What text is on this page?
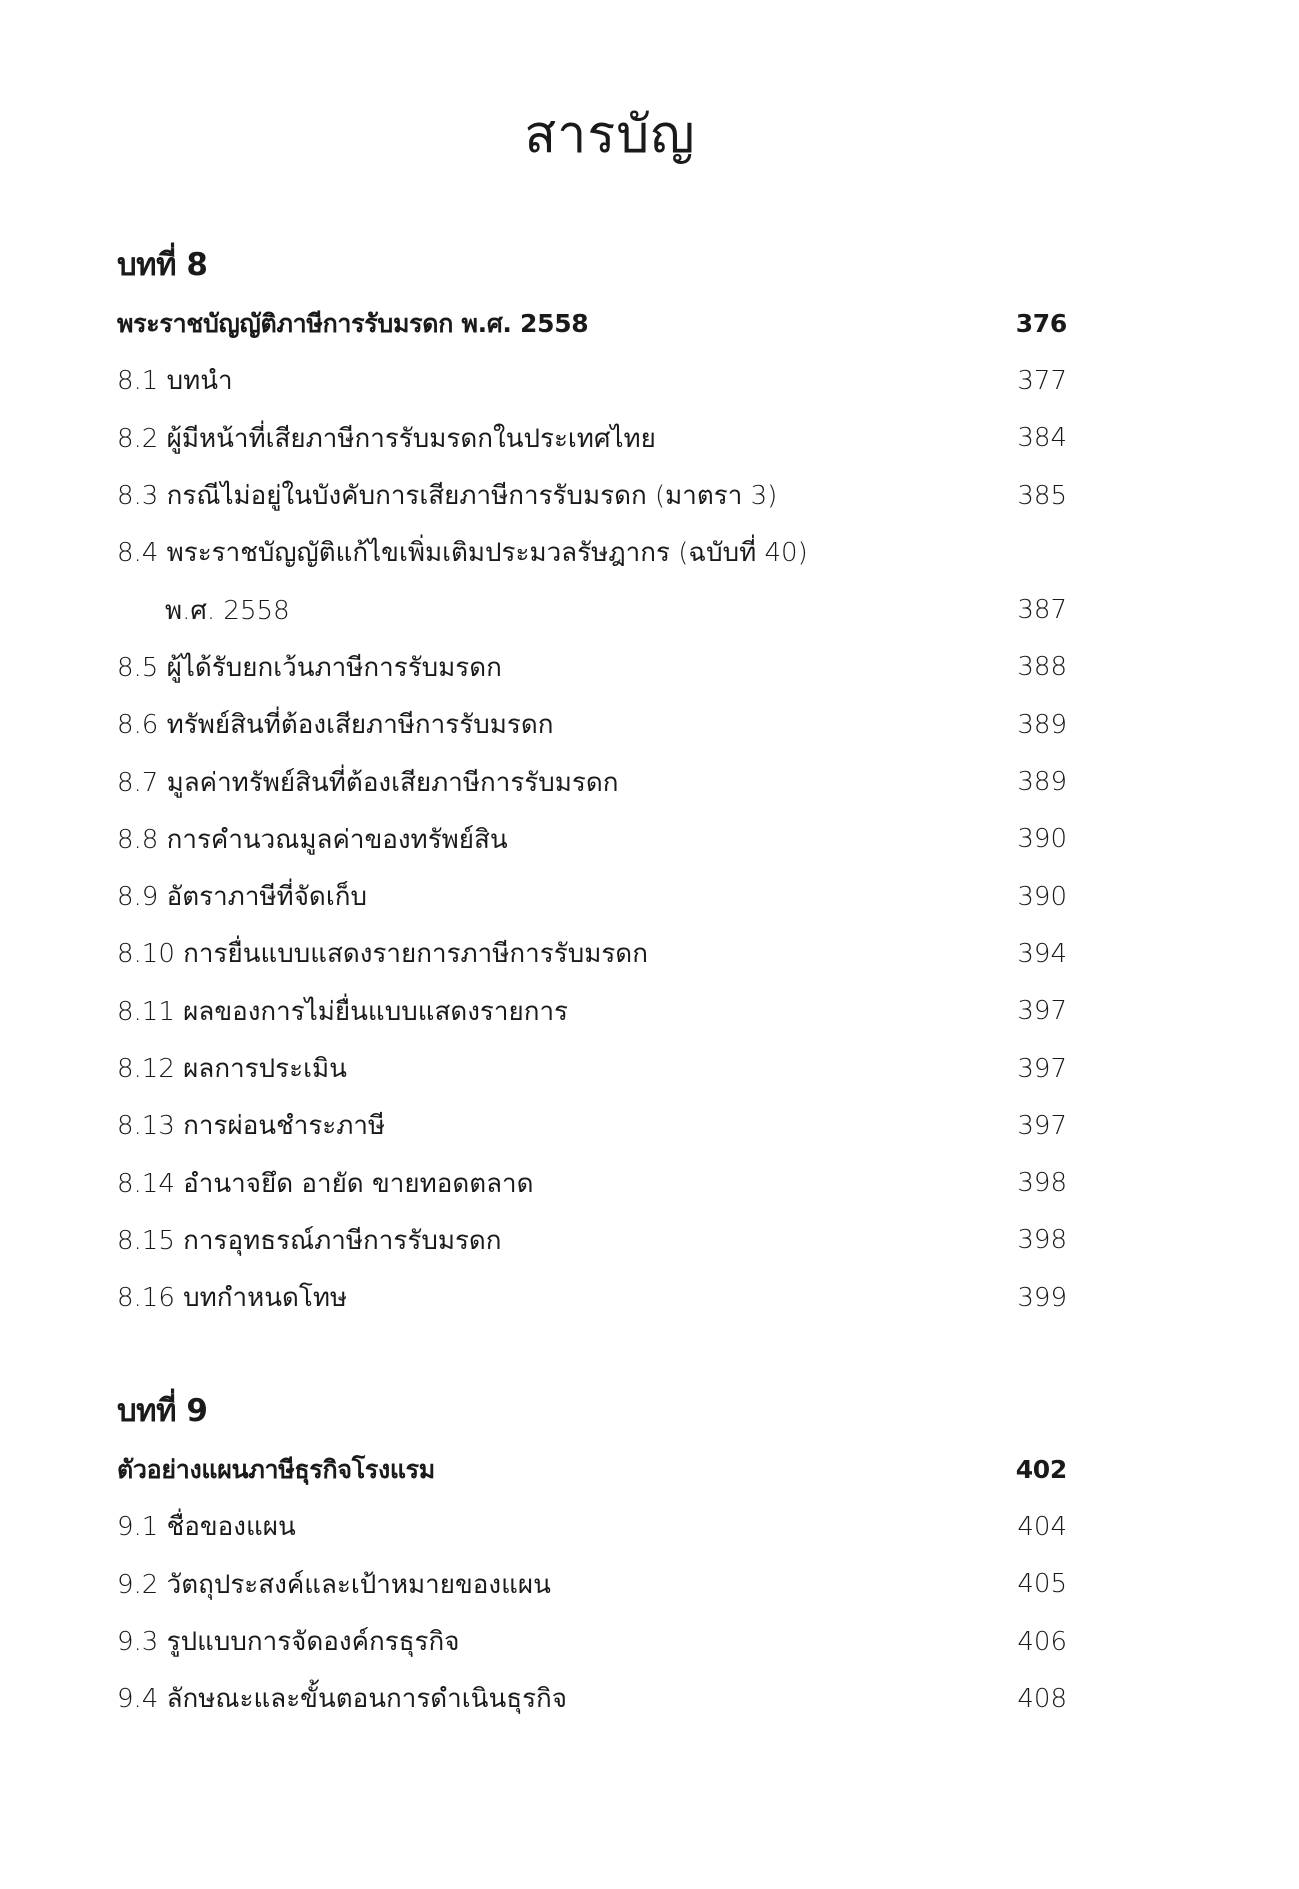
สารบัญ
บทที่ 8
พระราชบัญญัติภาษีการรับมรดก พ.ศ. 2558	376
8.1 บทนำ	377
8.2 ผู้มีหน้าที่เสียภาษีการรับมรดกในประเทศไทย	384
8.3 กรณีไม่อยู่ในบังคับการเสียภาษีการรับมรดก (มาตรา 3)	385
8.4 พระราชบัญญัติแก้ไขเพิ่มเติมประมวลรัษฎากร (ฉบับที่ 40)
พ.ศ. 2558	387
8.5 ผู้ได้รับยกเว้นภาษีการรับมรดก	388
8.6 ทรัพย์สินที่ต้องเสียภาษีการรับมรดก	389
8.7 มูลค่าทรัพย์สินที่ต้องเสียภาษีการรับมรดก	389
8.8 การคำนวณมูลค่าของทรัพย์สิน	390
8.9 อัตราภาษีที่จัดเก็บ	390
8.10 การยื่นแบบแสดงรายการภาษีการรับมรดก	394
8.11 ผลของการไม่ยื่นแบบแสดงรายการ	397
8.12 ผลการประเมิน	397
8.13 การผ่อนชำระภาษี	397
8.14 อำนาจยึด อายัด ขายทอดตลาด	398
8.15 การอุทธรณ์ภาษีการรับมรดก	398
8.16 บทกำหนดโทษ	399
บทที่ 9
ตัวอย่างแผนภาษีธุรกิจโรงแรม	402
9.1 ชื่อของแผน	404
9.2 วัตถุประสงค์และเป้าหมายของแผน	405
9.3 รูปแบบการจัดองค์กรธุรกิจ	406
9.4 ลักษณะและขั้นตอนการดำเนินธุรกิจ	408
